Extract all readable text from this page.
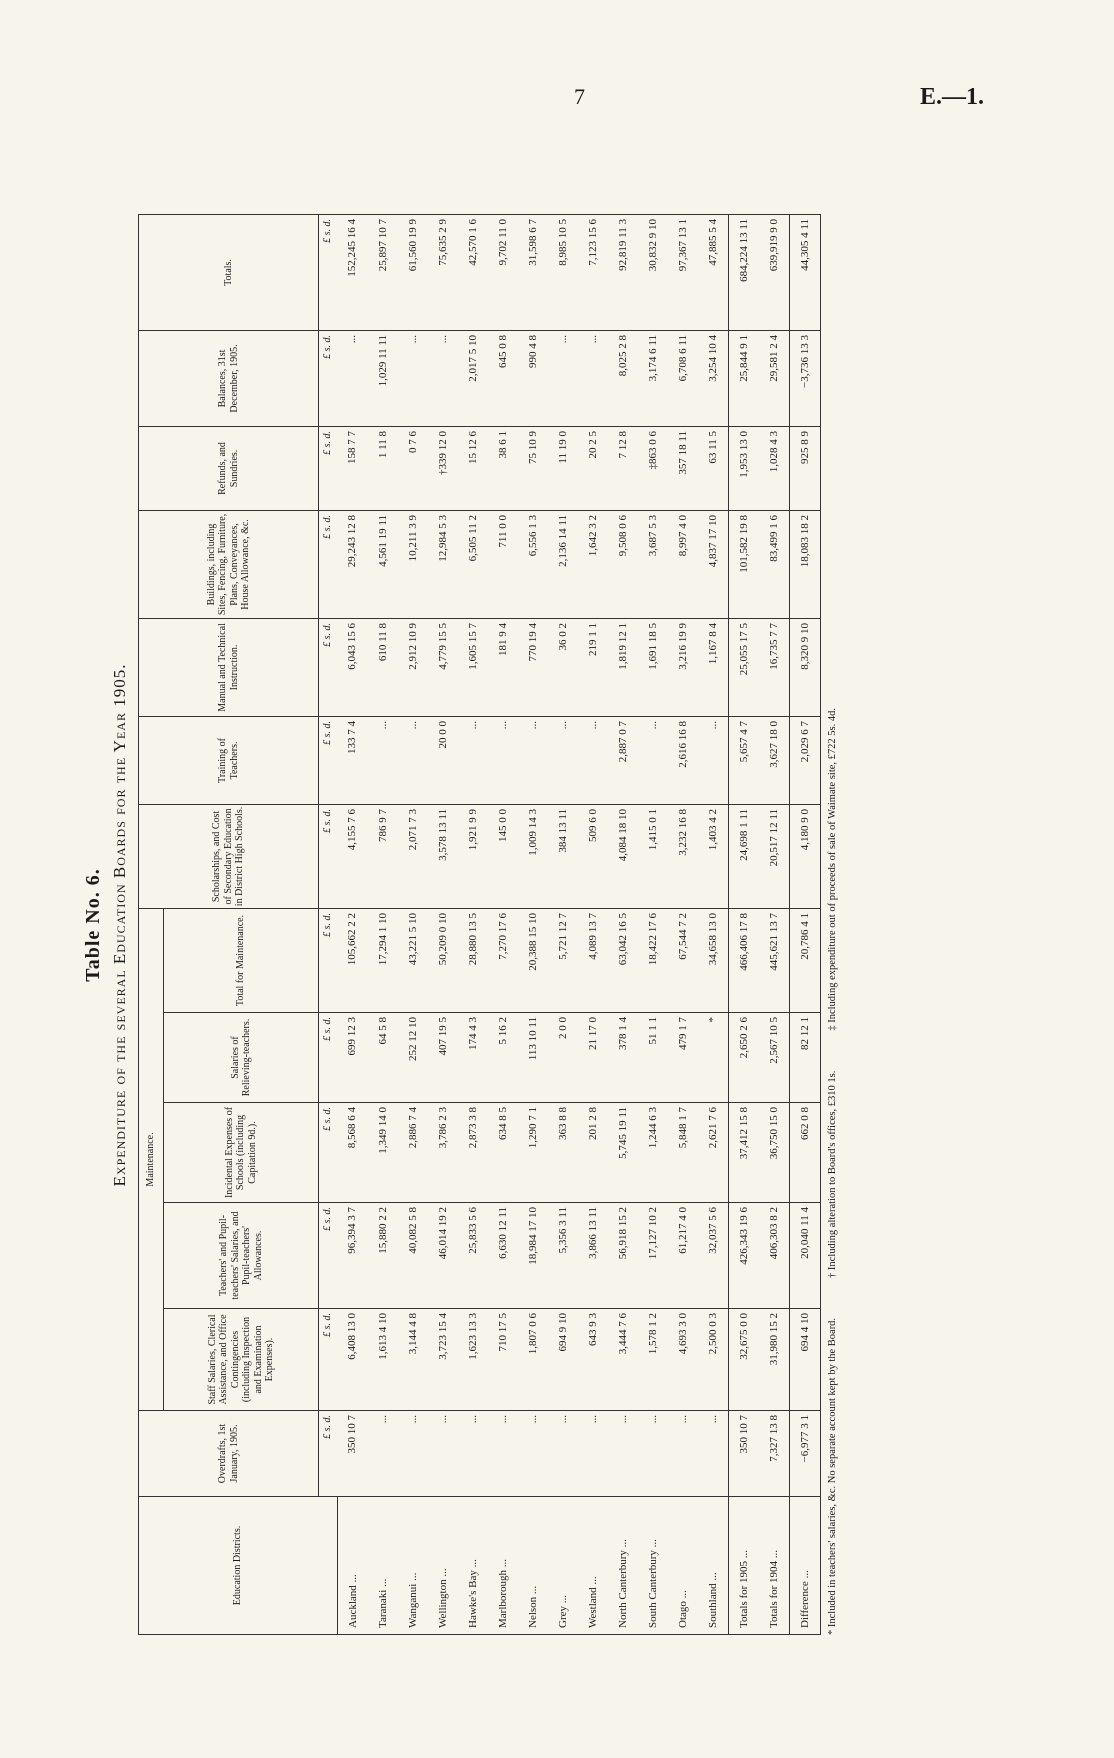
7	E.—1.
Table No. 6. Expenditure of the several Education Boards for the Year 1905.
Education Districts.	Overdrafts, 1st January, 1905.	Maintenance.					Scholarships, and Cost of Secondary Education in District High Schools.	Training of Teachers.	Manual and Technical Instruction.	Buildings, including Sites, Fencing, Furniture, Plans, Conveyances, House Allowance, &c.	Refunds, and Sundries.	Balances, 31st December, 1905.	Totals.
		Staff Salaries, Clerical Assistance, and Office Contingencies (including Inspection and Examination Expenses).	Teachers' and Pupil-teachers' Salaries, and Pupil-teachers' Allowances.	Incidental Expenses of Schools (including Capitation 9d.).	Salaries of Relieving-teachers.	Total for Maintenance.							
	£ s. d.	£ s. d.	£ s. d.	£ s. d.	£ s. d.	£ s. d.	£ s. d.	£ s. d.	£ s. d.	£ s. d.	£ s. d.	£ s. d.	£ s. d.
Auckland ...	350 10 7	6,408 13 0	96,394 3 7	8,568 6 4	699 12 3	105,662 2 2	4,155 7 6	133 7 4	6,043 15 6	29,243 12 8	158 7 7	...	152,245 16 4
Taranaki ...	...	1,613 4 10	15,880 2 2	1,349 14 0	64 5 8	17,294 1 10	786 9 7	...	610 11 8	4,561 19 11	1 11 8	1,029 11 11	25,897 10 7
Wanganui ...	...	3,144 4 8	40,082 5 8	2,886 7 4	252 12 10	43,221 5 10	2,071 7 3	...	2,912 10 9	10,211 3 9	0 7 6	...	61,560 19 9
Wellington ...	...	3,723 15 4	46,014 19 2	3,786 2 3	407 19 5	50,209 0 10	3,578 13 11	20 0 0	4,779 15 5	12,984 5 3	†339 12 0	...	75,635 2 9
Hawke's Bay ...	...	1,623 13 3	25,833 5 6	2,873 3 8	174 4 3	28,880 13 5	1,921 9 9	...	1,605 15 7	6,505 11 2	15 12 6	2,017 5 10	42,570 1 6
Marlborough ...	...	710 17 5	6,630 12 11	634 8 5	5 16 2	7,270 17 6	145 0 0	...	181 9 4	711 0 0	38 6 1	645 0 8	9,702 11 0
Nelson ...	...	1,807 0 6	18,984 17 10	1,290 7 1	113 10 11	20,388 15 10	1,009 14 3	...	770 19 4	6,556 1 3	75 10 9	990 4 8	31,598 6 7
Grey ...	...	694 9 10	5,356 3 11	363 8 8	2 0 0	5,721 12 7	384 13 11	...	36 0 2	2,136 14 11	11 19 0	...	8,985 10 5
Westland ...	...	643 9 3	3,866 13 11	201 2 8	21 17 0	4,089 13 7	509 6 0	...	219 1 1	1,642 3 2	20 2 5	...	7,123 15 6
North Canterbury ...	...	3,444 7 6	56,918 15 2	5,745 19 11	378 1 4	63,042 16 5	4,084 18 10	2,887 0 7	1,819 12 1	9,508 0 6	7 12 8	8,025 2 8	92,819 11 3
South Canterbury ...	...	1,578 1 2	17,127 10 2	1,244 6 3	51 1 1	18,422 17 6	1,415 0 1	...	1,691 18 5	3,687 5 3	‡863 0 6	3,174 6 11	30,832 9 10
Otago ...	...	4,693 3 0	61,217 4 0	5,848 1 7	479 1 7	67,544 7 2	3,232 16 8	2,616 16 8	3,216 19 9	8,997 4 0	357 18 11	6,708 6 11	97,367 13 1
Southland ...	...	2,500 0 3	32,037 5 6	2,621 7 6	*	34,658 13 0	1,403 4 2	...	1,167 8 4	4,837 17 10	63 11 5	3,254 10 4	47,885 5 4
Totals for 1905 ...	350 10 7	32,675 0 0	426,343 19 6	37,412 15 8	2,650 2 6	466,406 17 8	24,698 1 11	5,657 4 7	25,055 17 5	101,582 19 8	1,953 13 0	25,844 9 1	684,224 13 11
Totals for 1904 ...	7,327 13 8	31,980 15 2	406,303 8 2	36,750 15 0	2,567 10 5	445,621 13 7	20,517 12 11	3,627 18 0	16,735 7 7	83,499 1 6	1,028 4 3	29,581 2 4	639,919 9 0
Difference ...	−6,977 3 1	694 4 10	20,040 11 4	662 0 8	82 12 1	20,786 4 1	4,180 9 0	2,029 6 7	8,320 9 10	18,083 18 2	925 8 9	−3,736 13 3	44,305 4 11
* Included in teachers' salaries, &c. No separate account kept by the Board.† Including alteration to Board's offices, £310 1s.‡ Including expenditure out of proceeds of sale of Waimate site, £722 5s. 4d.
